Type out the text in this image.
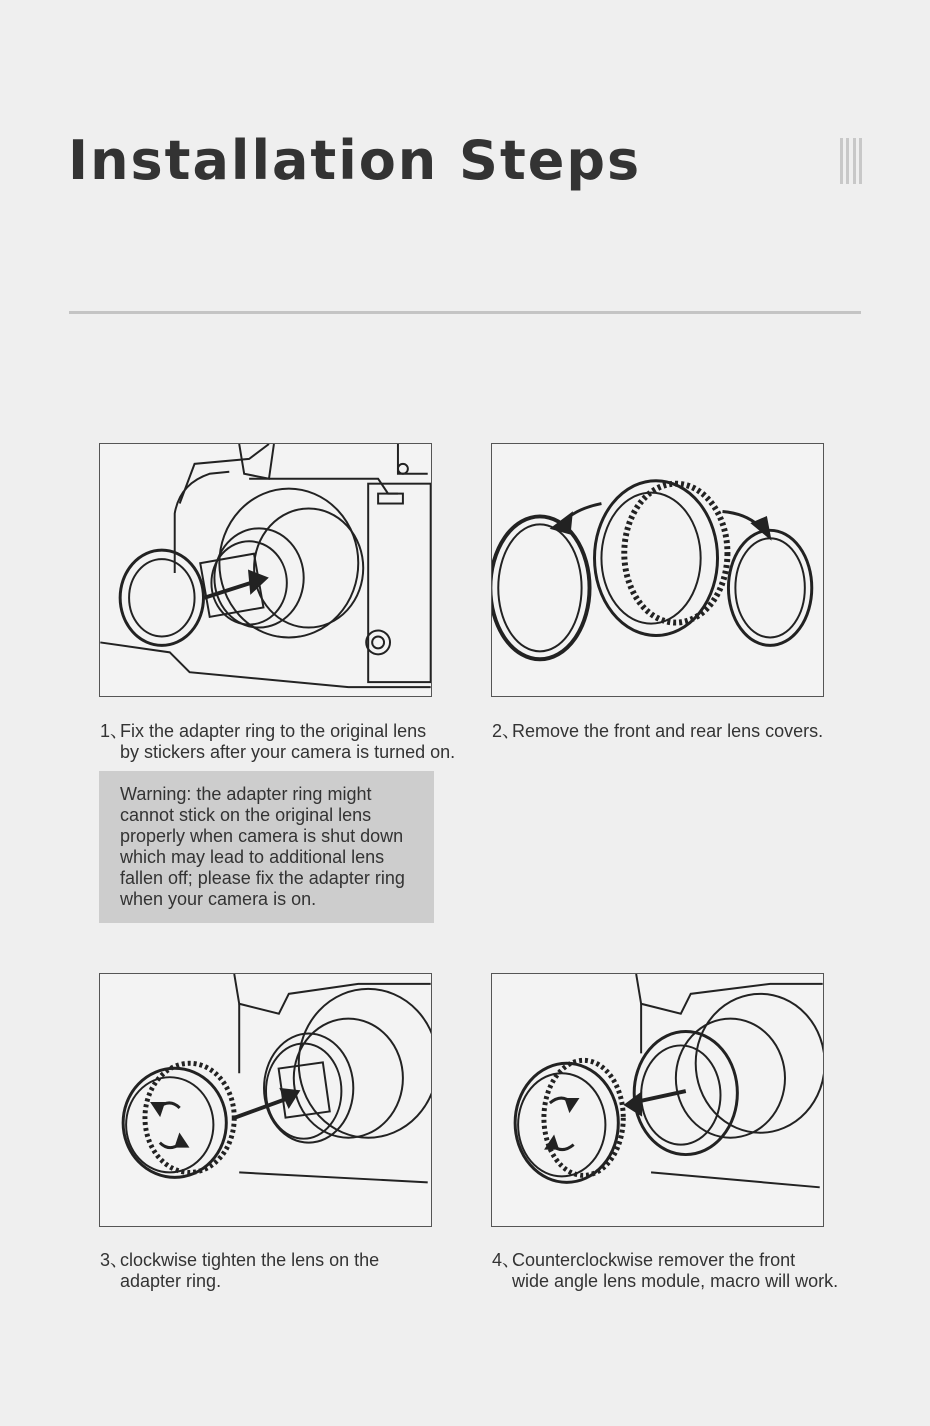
Installation Steps
1、Fix the adapter ring to the original lens
by stickers after your camera is turned on.
Warning: the adapter ring might
cannot stick on the original lens
properly when camera is shut down
which may lead to additional lens
fallen off; please fix the adapter ring
when your camera is on.
2、Remove the front and rear lens covers.
3、clockwise tighten the lens on the
adapter ring.
4、Counterclockwise remover the front
wide angle lens module, macro will work.
